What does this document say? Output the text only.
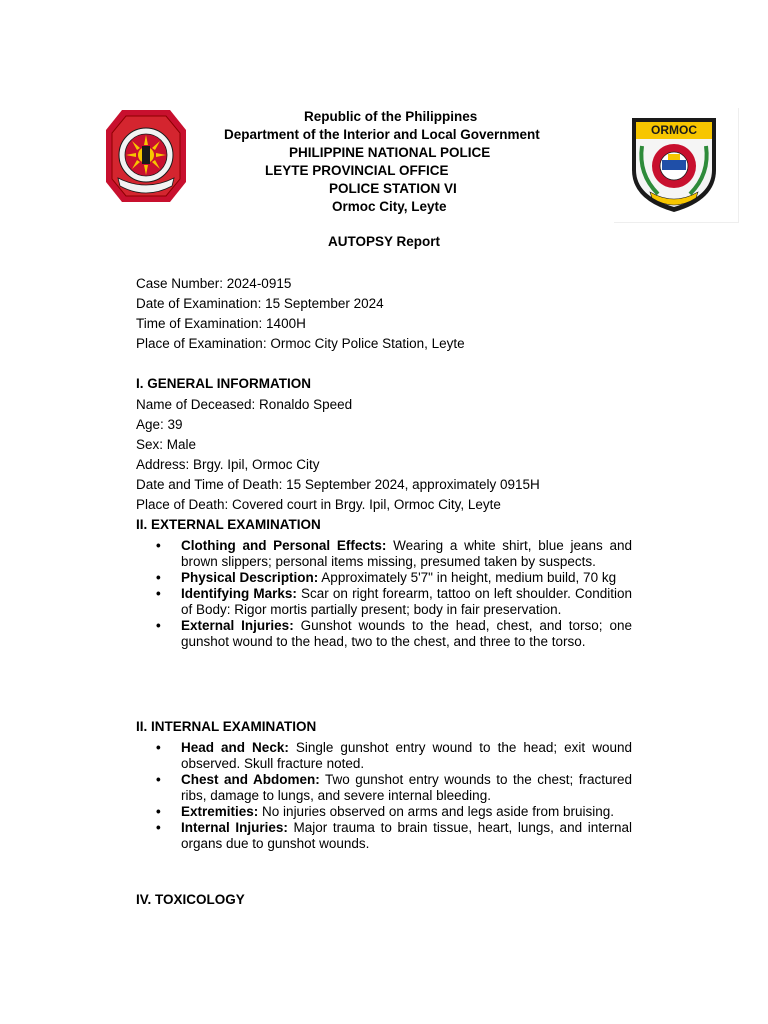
Republic of the Philippines
Department of the Interior and Local Government
PHILIPPINE NATIONAL POLICE
LEYTE PROVINCIAL OFFICE
POLICE STATION VI
Ormoc City, Leyte
ORMOC
AUTOPSY Report
Case Number: 2024-0915
Date of Examination: 15 September 2024
Time of Examination: 1400H
Place of Examination: Ormoc City Police Station, Leyte
I. GENERAL INFORMATION
Name of Deceased: Ronaldo Speed
Age: 39
Sex: Male
Address: Brgy. Ipil, Ormoc City
Date and Time of Death: 15 September 2024, approximately 0915H
Place of Death: Covered court in Brgy. Ipil, Ormoc City, Leyte
II. EXTERNAL EXAMINATION
• Clothing and Personal Effects: Wearing a white shirt, blue jeans and brown slippers; personal items missing, presumed taken by suspects.
• Physical Description: Approximately 5'7" in height, medium build, 70 kg
• Identifying Marks: Scar on right forearm, tattoo on left shoulder. Condition of Body: Rigor mortis partially present; body in fair preservation.
• External Injuries: Gunshot wounds to the head, chest, and torso; one gunshot wound to the head, two to the chest, and three to the torso.
II. INTERNAL EXAMINATION
• Head and Neck: Single gunshot entry wound to the head; exit wound observed. Skull fracture noted.
• Chest and Abdomen: Two gunshot entry wounds to the chest; fractured ribs, damage to lungs, and severe internal bleeding.
• Extremities: No injuries observed on arms and legs aside from bruising.
• Internal Injuries: Major trauma to brain tissue, heart, lungs, and internal organs due to gunshot wounds.
IV. TOXICOLOGY
